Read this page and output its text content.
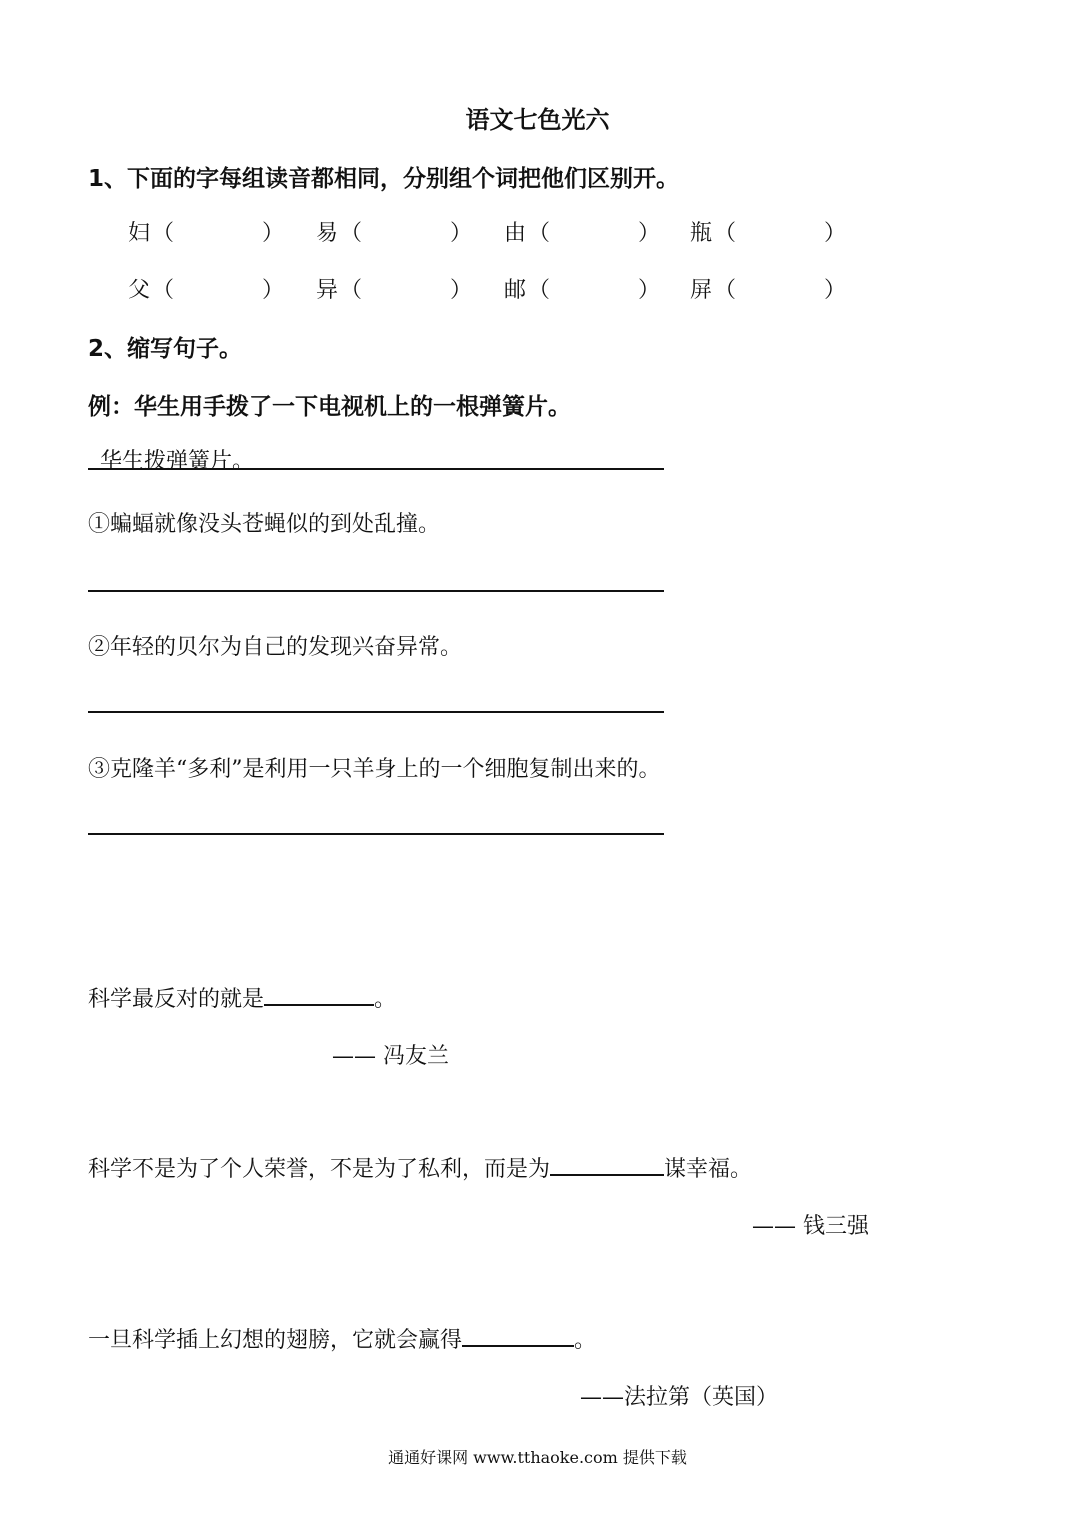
语文七色光六
1、下面的字每组读音都相同，分别组个词把他们区别开。
妇 （　　　　） 易 （　　　　） 由 （　　　　） 瓶 （　　　　）
父 （　　　　） 异 （　　　　） 邮 （　　　　） 屏 （　　　　）
2、缩写句子。
例：华生用手拨了一下电视机上的一根弹簧片。
华生拨弹簧片。
①蝙蝠就像没头苍蝇似的到处乱撞。
②年轻的贝尔为自己的发现兴奋异常。
③克隆羊“多利”是利用一只羊身上的一个细胞复制出来的。
科学最反对的就是	。
—— 冯友兰
科学不是为了个人荣誉，不是为了私利，而是为	谋幸福。
—— 钱三强
一旦科学插上幻想的翅膀，它就会赢得	。
——法拉第（英国）
通通好课网 www.tthaoke.com 提供下载
